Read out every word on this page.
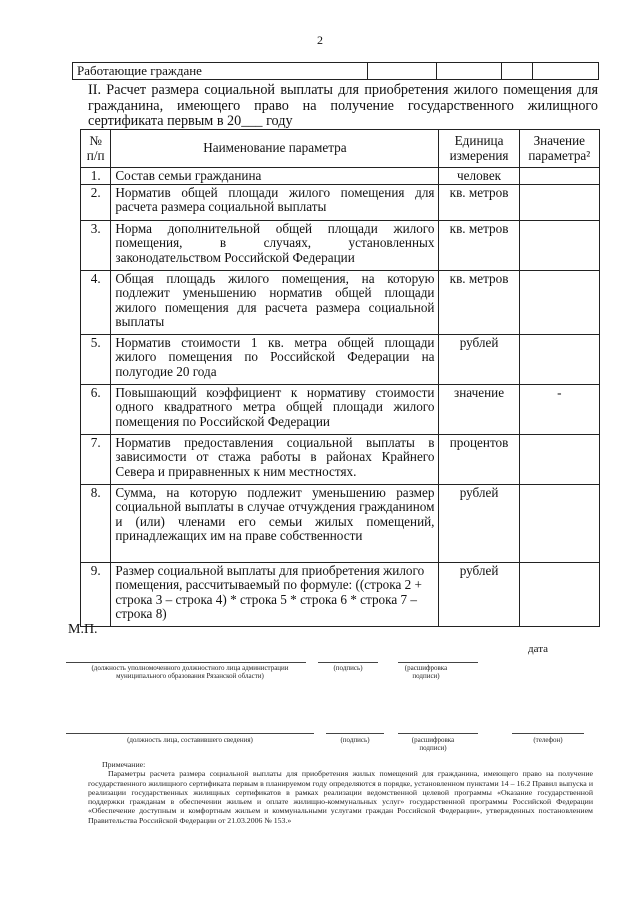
2
Работающие граждане				
II. Расчет размера социальной выплаты для приобретения жилого помещения для гражданина, имеющего право на получение государственного жилищного сертификата первым в 20___ году
№ п/п	Наименование параметра	Единица измерения	Значение параметра²
1.	Состав семьи гражданина	человек	
2.	Норматив общей площади жилого помещения для расчета размера социальной выплаты	кв. метров	
3.	Норма дополнительной общей площади жилого помещения, в случаях, установленных законодательством Российской Федерации	кв. метров	
4.	Общая площадь жилого помещения, на которую подлежит уменьшению норматив общей площади жилого помещения для расчета размера социальной выплаты	кв. метров	
5.	Норматив стоимости 1 кв. метра общей площади жилого помещения по Российской Федерации на полугодие 20 года	рублей	
6.	Повышающий коэффициент к нормативу стоимости одного квадратного метра общей площади жилого помещения по Российской Федерации	значение	-
7.	Норматив предоставления социальной выплаты в зависимости от стажа работы в районах Крайнего Севера и приравненных к ним местностях.	процентов	
8.	Сумма, на которую подлежит уменьшению размер социальной выплаты в случае отчуждения гражданином и (или) членами его семьи жилых помещений, принадлежащих им на праве собственности	рублей	
9.	Размер социальной выплаты для приобретения жилого помещения, рассчитываемый по формуле: ((строка 2 + строка 3 – строка 4) * строка 5 * строка 6 * строка 7 – строка 8)	рублей	
М.П.
дата
(должность уполномоченного должностного лица администрации муниципального образования Рязанской области)
(подпись)	(расшифровка подписи)
(должность лица, составившего сведения)	(подпись)	(расшифровка подписи)
(телефон)

Примечание:

Параметры расчета размера социальной выплаты для приобретения жилых помещений для гражданина, имеющего право на получение государственного жилищного сертификата первым в планируемом году определяются в порядке, установленном пунктами 14 – 16.2 Правил выпуска и реализации государственных жилищных сертификатов в рамках реализации ведомственной целевой программы «Оказание государственной поддержки гражданам в обеспечении жильем и оплате жилищно-коммунальных услуг» государственной программы Российской Федерации «Обеспечение доступным и комфортным жильем и коммунальными услугами граждан Российской Федерации», утвержденных постановлением Правительства Российской Федерации от 21.03.2006 № 153.»
